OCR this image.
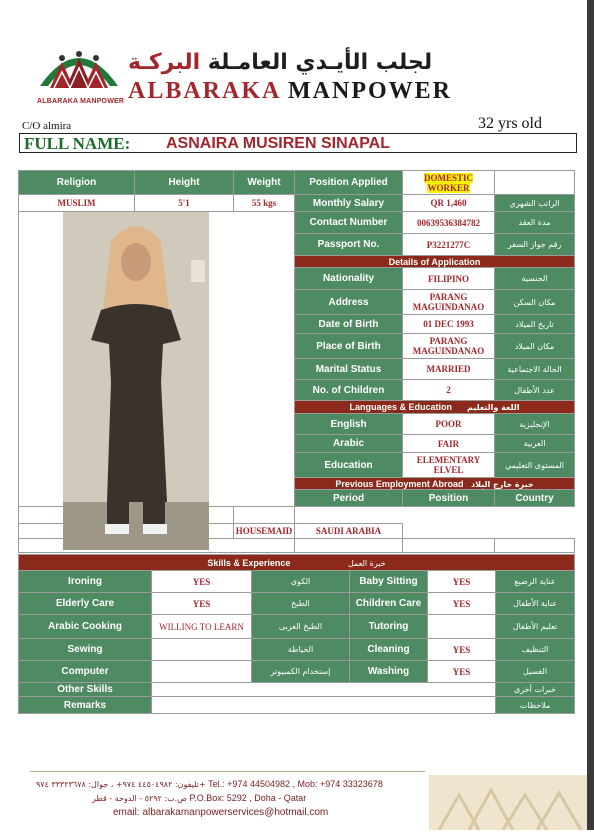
لجلب الأيـدي العامـلة البركـة
ALBARAKA MANPOWER
ALBARAKA MANPOWER
C/O almira	32 yrs old
FULL NAME: ASNAIRA MUSIREN SINAPAL
Religion	Height	Weight	Position Applied	DOMESTIC WORKER	
MUSLIM	5'1	55 kgs	Monthly Salary	QR 1,460	الراتب الشهري
			Contact Number	00639536384782	مدة العقد
			Passport No.	P3221277C	رقم جواز السفر
			Details of Application		
			Nationality	FILIPINO	الجنسية
			Address	PARANG MAGUINDANAO	مكان السكن
			Date of Birth	01 DEC 1993	تاريخ الميلاد
			Place of Birth	PARANG MAGUINDANAO	مكان الميلاد
			Marital Status	MARRIED	الحالة الاجتماعية
			No. of Children	2	عدد الأطفال
			Languages & Education اللغة والتعليم		
			English	POOR	الإنجليزية
			Arabic	FAIR	العربية
			Education	ELEMENTARY ELVEL	المستوى التعليمي
			Previous Employment Abroad خبرة خارج البلاد		
			Period	Position	Country

		HOUSEMAID	SAUDI ARABIA		

Skills & Experience خبرة العمل					
Ironing	YES	الكوى	Baby Sitting	YES	عناية الرضيع
Elderly Care	YES	الطبخ	Children Care	YES	عناية الأطفال
Arabic Cooking	WILLING TO LEARN	الطبخ العربى	Tutoring		تعليم الأطفال
Sewing		الخياطة	Cleaning	YES	التنظيف
Computer		إستخدام الكمبيوتر	Washing	YES	الغسيل
Other Skills					خبرات أخرى
Remarks					ملاحظات
تليفون: ٤٤٥٠٤٩٨٢ ٩٧٤+ ، جوال: ٣٣٣٢٣٦٧٨ ٩٧٤+ Tel.: +974 44504982 , Mob: +974 33323678
ص.ب: ٥٢٩٢ - الدوحة - قطر P.O.Box: 5292 , Doha - Qatar
email: albarakamanpowerservices@hotmail.com
